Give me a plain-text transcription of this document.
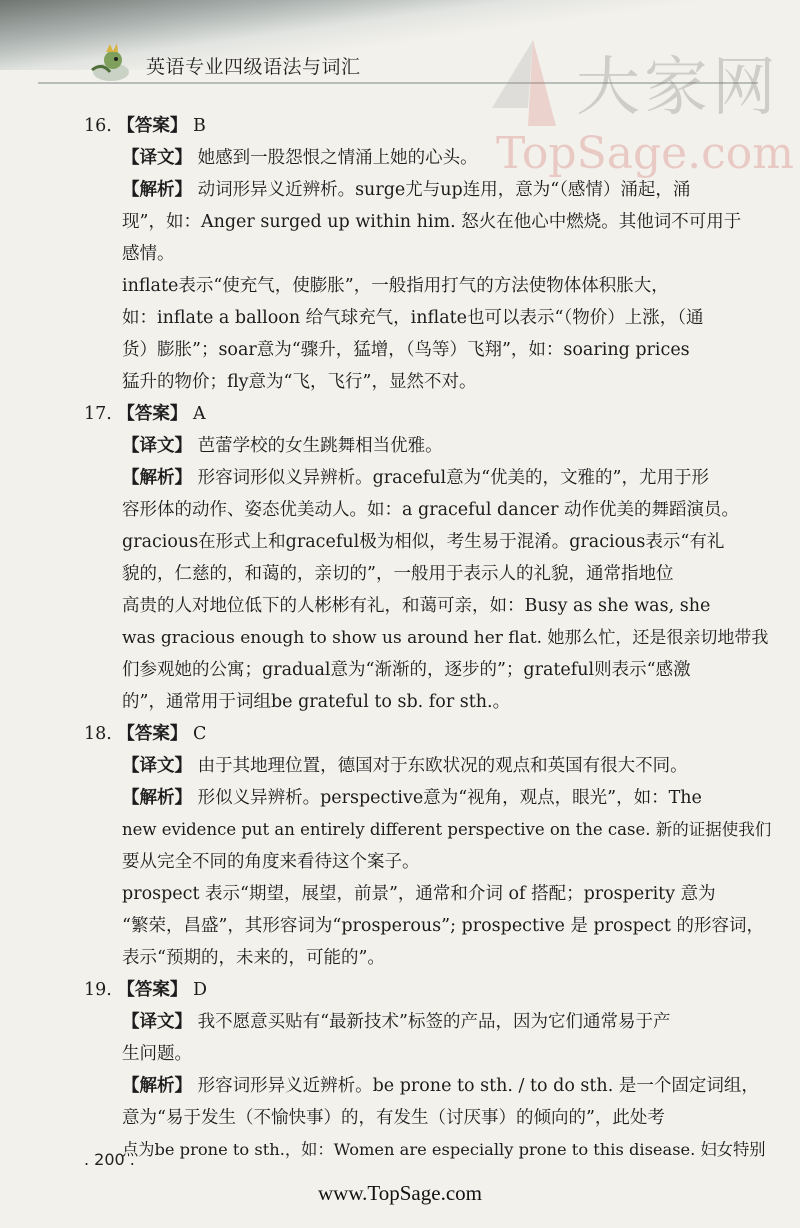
英语专业四级语法与词汇	大家网
TopSage.com
16. 【答案】 B
【译文】 她感到一股怨恨之情涌上她的心头。
【解析】 动词形异义近辨析。surge尤与up连用，意为“（感情）涌起，涌
现”，如：Anger surged up within him. 怒火在他心中燃烧。其他词不可用于
感情。
inflate表示“使充气，使膨胀”，一般指用打气的方法使物体体积胀大，
如：inflate a balloon 给气球充气，inflate也可以表示“（物价）上涨，（通
货）膨胀”；soar意为“骤升，猛增，（鸟等）飞翔”，如：soaring prices
猛升的物价；fly意为“飞，飞行”，显然不对。
17. 【答案】 A
【译文】 芭蕾学校的女生跳舞相当优雅。
【解析】 形容词形似义异辨析。graceful意为“优美的，文雅的”，尤用于形
容形体的动作、姿态优美动人。如：a graceful dancer 动作优美的舞蹈演员。
gracious在形式上和graceful极为相似，考生易于混淆。gracious表示“有礼
貌的，仁慈的，和蔼的，亲切的”，一般用于表示人的礼貌，通常指地位
高贵的人对地位低下的人彬彬有礼，和蔼可亲，如：Busy as she was, she
was gracious enough to show us around her flat. 她那么忙，还是很亲切地带我
们参观她的公寓；gradual意为“渐渐的，逐步的”；grateful则表示“感激
的”，通常用于词组be grateful to sb. for sth.。
18. 【答案】 C
【译文】 由于其地理位置，德国对于东欧状况的观点和英国有很大不同。
【解析】 形似义异辨析。perspective意为“视角，观点，眼光”，如：The
new evidence put an entirely different perspective on the case. 新的证据使我们
要从完全不同的角度来看待这个案子。
prospect 表示“期望，展望，前景”，通常和介词 of 搭配；prosperity 意为
“繁荣，昌盛”，其形容词为“prosperous”; prospective 是 prospect 的形容词，
表示“预期的，未来的，可能的”。
19. 【答案】 D
【译文】 我不愿意买贴有“最新技术”标签的产品，因为它们通常易于产
生问题。
【解析】 形容词形异义近辨析。be prone to sth. / to do sth. 是一个固定词组，
意为“易于发生（不愉快事）的，有发生（讨厌事）的倾向的”，此处考
点为be prone to sth.，如：Women are especially prone to this disease. 妇女特别
. 200 .
www.TopSage.com
